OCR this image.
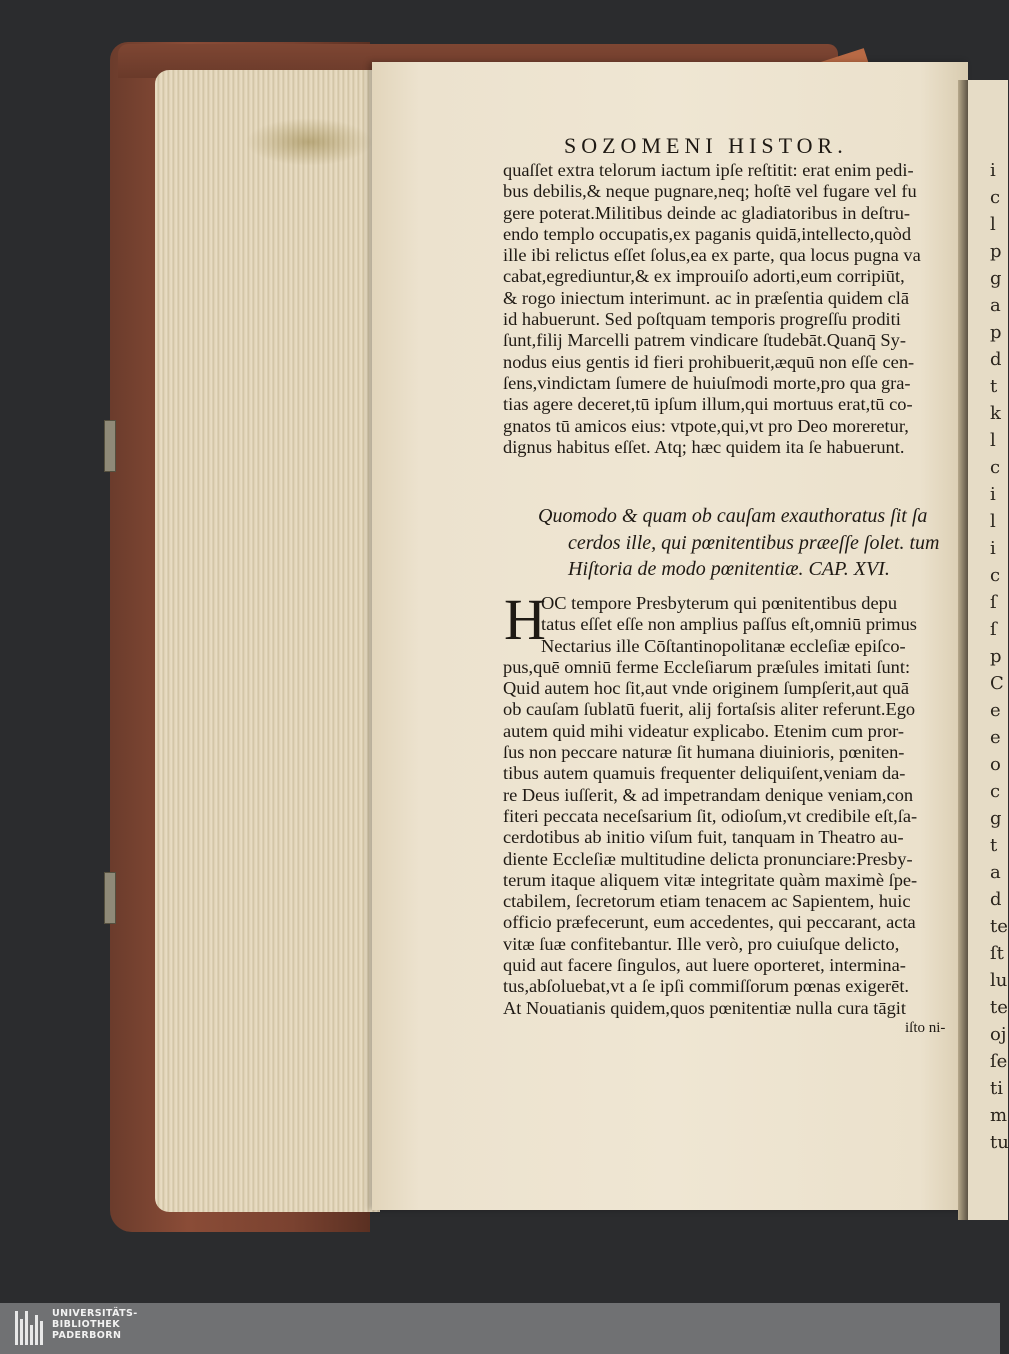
i
c
l
p
g
a
p
d
t
k
l
c
i
l
i
c
ſ
ſ
p
C
e
e
o
c
g
t
a
d
te
ſt
lu
te
oj
ſe
ti
m
tu
SOZOMENI HISTOR.
quaſſet extra telorum iactum ipſe reſtitit: erat enim pedi-
bus debilis,& neque pugnare,neq; hoſtē vel fugare vel fu
gere poterat.Militibus deinde ac gladiatoribus in deſtru-
endo templo occupatis,ex paganis quidā,intellecto,quòd
ille ibi relictus eſſet ſolus,ea ex parte, qua locus pugna va
cabat,egrediuntur,& ex improuiſo adorti,eum corripiūt,
& rogo iniectum interimunt. ac in præſentia quidem clā
id habuerunt. Sed poſtquam temporis progreſſu proditi
ſunt,filij Marcelli patrem vindicare ſtudebāt.Quanq̄ Sy-
nodus eius gentis id fieri prohibuerit,æquū non eſſe cen-
ſens,vindictam ſumere de huiuſmodi morte,pro qua gra-
tias agere deceret,tū ipſum illum,qui mortuus erat,tū co-
gnatos tū amicos eius: vtpote,qui,vt pro Deo moreretur,
dignus habitus eſſet. Atq; hæc quidem ita ſe habuerunt.
Quomodo & quam ob cauſam exauthoratus ſit ſa
cerdos ille, qui pœnitentibus præeſſe ſolet. tum
Hiſtoria de modo pœnitentiæ. CAP. XVI.
H
OC tempore Presbyterum qui pœnitentibus depu
tatus eſſet eſſe non amplius paſſus eſt,omniū primus
Nectarius ille Cōſtantinopolitanæ eccleſiæ epiſco-
pus,quē omniū ferme Eccleſiarum præſules imitati ſunt:
Quid autem hoc ſit,aut vnde originem ſumpſerit,aut quā
ob cauſam ſublatū fuerit, alij fortaſsis aliter referunt.Ego
autem quid mihi videatur explicabo. Etenim cum pror-
ſus non peccare naturæ ſit humana diuinioris, pœniten-
tibus autem quamuis frequenter deliquiſent,veniam da-
re Deus iuſſerit, & ad impetrandam denique veniam,con
fiteri peccata neceſsarium ſit, odioſum,vt credibile eſt,ſa-
cerdotibus ab initio viſum fuit, tanquam in Theatro au-
diente Eccleſiæ multitudine delicta pronunciare:Presby-
terum itaque aliquem vitæ integritate quàm maximè ſpe-
ctabilem, ſecretorum etiam tenacem ac Sapientem, huic
officio præfecerunt, eum accedentes, qui peccarant, acta
vitæ ſuæ confitebantur. Ille verò, pro cuiuſque delicto,
quid aut facere ſingulos, aut luere oporteret, intermina-
tus,abſoluebat,vt a ſe ipſi commiſſorum pœnas exigerēt.
At Nouatianis quidem,quos pœnitentiæ nulla cura tāgit
iſto ni-
UNIVERSITÄTS-
BIBLIOTHEK
PADERBORN
